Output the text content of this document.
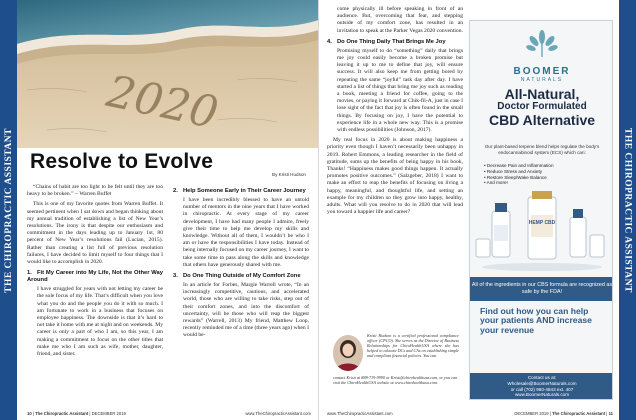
THE CHIROPRACTIC ASSISTANT	THE CHIROPRACTIC ASSISTANT
2020
Resolve to Evolve
By Kristi Hudson

“Chains of habit are too light to be felt until they are too heavy to be broken.” ~ Warren Buffet

This is one of my favorite quotes from Warren Buffet. It seemed pertinent when I sat down and began thinking about my annual tradition of establishing a list of New Year’s resolutions. The irony is that despite our enthusiasm and commitment in the days leading up to January 1st, 80 percent of New Year’s resolutions fail (Lucian, 2015). Rather than creating a list full of previous resolution failures, I have decided to limit myself to four things that I would like to accomplish in 2020.

1. Fit My Career into My Life, Not the Other Way Around

I have struggled for years with not letting my career be the sole focus of my life. That’s difficult when you love what you do and the people you do it with so much. I am fortunate to work in a business that focuses on employee happiness. The downside is that it’s hard to not take it home with me at night and on weekends. My career is only a part of who I am, so this year, I am making a commitment to focus on the other titles that make me who I am such as wife, mother, daughter, friend, and sister.

2. Help Someone Early in Their Career Journey

I have been incredibly blessed to have an untold number of mentors in the nine years that I have worked in chiropractic. At every stage of my career development, I have had many people I admire, freely give their time to help me develop my skills and knowledge. Without all of them, I wouldn’t be who I am or have the responsibilities I have today. Instead of being internally focused on my career journey, I want to take some time to pass along the skills and knowledge that others have generously shared with me.

3. Do One Thing Outside of My Comfort Zone

In an article for Forbes, Margie Warrell wrote, “In an increasingly competitive, cautious, and accelerated world, those who are willing to take risks, step out of their comfort zones, and into the discomfort of uncertainty, will be those who will reap the biggest rewards” (Warrell, 2013) My friend, Matthew Loop, recently reminded me of a time (three years ago) when I would be-

10 | The Chiropractic Assistant | DECEMBER 2019	www.TheChiropracticAssistant.com

come physically ill before speaking in front of an audience. But, overcoming that fear, and stepping outside of my comfort zone, has resulted in an invitation to speak at the Parker Vegas 2020 convention.

4. Do One Thing Daily That Brings Me Joy

Promising myself to do “something” daily that brings me joy could easily become a broken promise but leaving it up to me to define that joy, will ensure success. It will also keep me from getting bored by repeating the same “joyful” task day after day. I have started a list of things that bring me joy such as reading a book, meeting a friend for coffee, going to the movies, or paying it forward at Chik-fil-A, just in case I lose sight of the fact that joy is often found in the small things. By focusing on joy, I have the potential to experience life in a whole new way. This is a promise with endless possibilities (Johnson, 2017).

My real focus in 2020 is about making happiness a priority even though I haven’t necessarily been unhappy in 2019. Robert Emmons, a leading researcher in the field of gratitude, sums up the benefits of being happy in his book, Thanks! “Happiness makes good things happen. It actually promotes positive outcomes.” (Salzgeber, 2018) I want to make an effort to reap the benefits of focusing on living a happy, meaningful, and thoughtful life, and setting an example for my children so they grow into happy, healthy, adults. What will you resolve to do in 2020 that will lead you toward a happier life and career?

Kristi Hudson is a certified professional compliance officer (CPCO). She serves as the Director of Business Relationships for ChiroHealthUSA where she has helped to educate DCs and CAs on establishing simple and compliant financial policies. You can
contact Kristi at 888-719-9990 or Kristi@chirohealthusa.com, or you can visit the ChiroHealthUSA website at www.chirohealthusa.com.
BOOMER
NATURALS
All-Natural,
Doctor Formulated
CBD Alternative
Our plant-based terpene blend helps regulate the body’s endocannabinoid system (ECS) which can:
• Decrease Pain and Inflammation
• Reduce Stress and Anxiety
• Restore Sleep/Wake Balance
• And more!
HEMP CBD
All of the ingredients in our CBS formula are recognized as safe by the FDA!
Find out how you can help your patients AND increase your revenue
Contact us at:
Wholesale@BoomerNaturals.com
or call (702) 960-4843 ext. 407
www.BoomerNaturals.com
www.TheChiropracticAssistant.com	DECEMBER 2019 | The Chiropractic Assistant | 11
